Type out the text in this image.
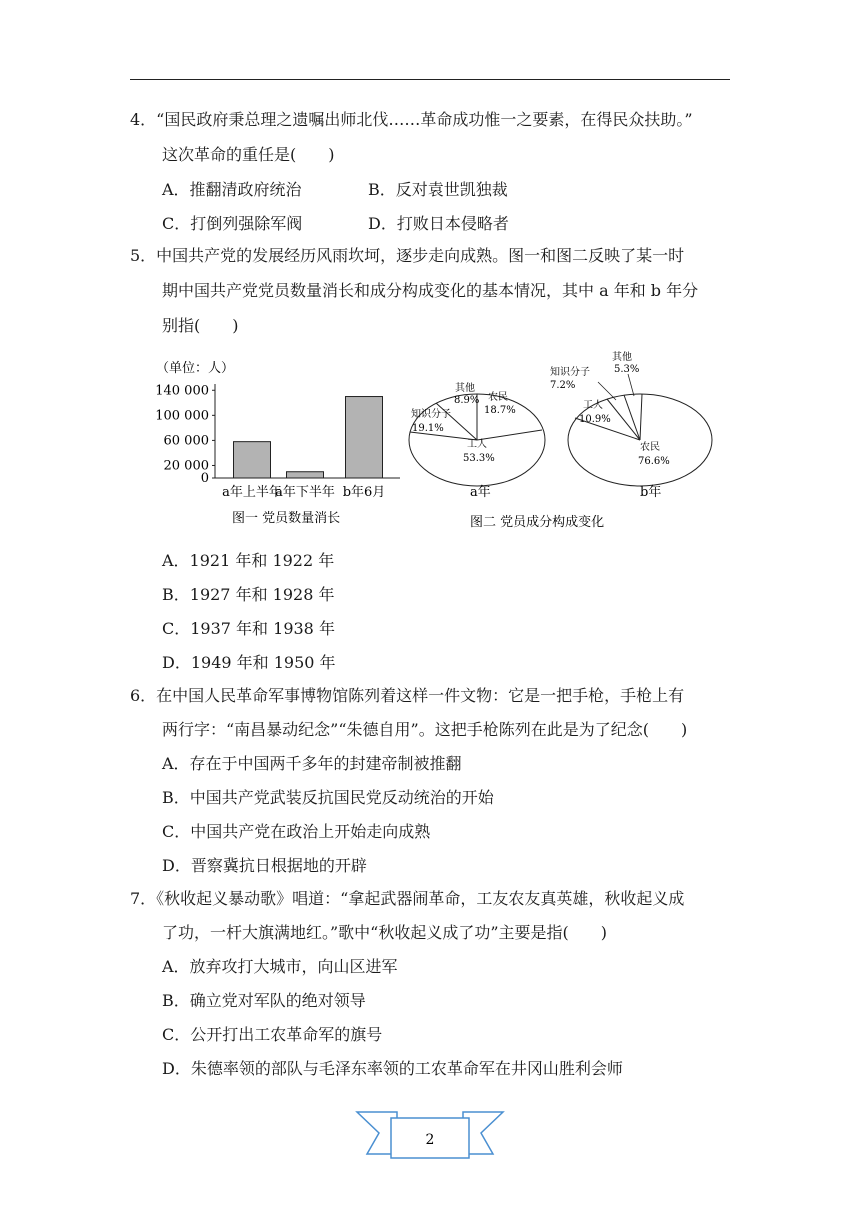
4．“国民政府秉总理之遗嘱出师北伐……革命成功惟一之要素，在得民众扶助。”
这次革命的重任是(　　)
A．推翻清政府统治	B．反对袁世凯独裁
C．打倒列强除军阀	D．打败日本侵略者
5．中国共产党的发展经历风雨坎坷，逐步走向成熟。图一和图二反映了某一时
期中国共产党党员数量消长和成分构成变化的基本情况，其中 a 年和 b 年分
别指(　　)
（单位：人）
140 000
100 000
60 000
20 000
0
a年上半年
a年下半年 b年6月
图一 党员数量消长
其他
8.9% 农民
18.7%
知识分子
19.1%
工人
53.3%
a年
图二 党员成分构成变化
其他
5.3%
知识分子
7.2%
工人
10.9%
农民
76.6%
b年
A．1921 年和 1922 年
B．1927 年和 1928 年
C．1937 年和 1938 年
D．1949 年和 1950 年
6．在中国人民革命军事博物馆陈列着这样一件文物：它是一把手枪，手枪上有
两行字：“南昌暴动纪念”“朱德自用”。这把手枪陈列在此是为了纪念(　　)
A．存在于中国两千多年的封建帝制被推翻
B．中国共产党武装反抗国民党反动统治的开始
C．中国共产党在政治上开始走向成熟
D．晋察冀抗日根据地的开辟
7．《秋收起义暴动歌》唱道：“拿起武器闹革命，工友农友真英雄，秋收起义成
了功，一杆大旗满地红。”歌中“秋收起义成了功”主要是指(　　)
A．放弃攻打大城市，向山区进军
B．确立党对军队的绝对领导
C．公开打出工农革命军的旗号
D．朱德率领的部队与毛泽东率领的工农革命军在井冈山胜利会师
2
